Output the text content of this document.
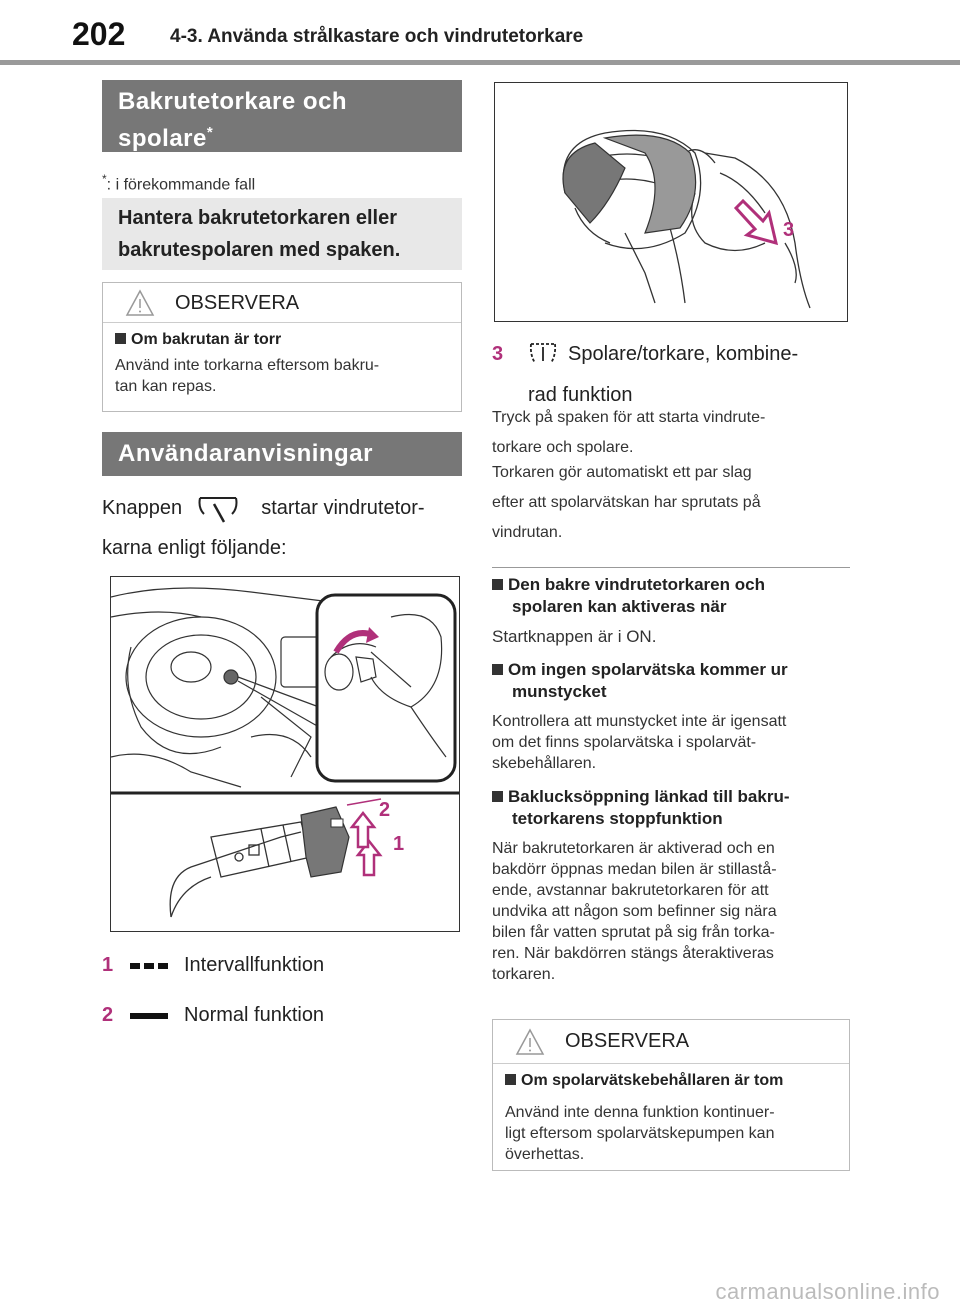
202 4-3. Använda strålkastare och vindrutetorkare
Bakrutetorkare och
spolare*
*: i förekommande fall
Hantera bakrutetorkaren eller
bakrutespolaren med spaken.
OBSERVERA
Om bakrutan är torr
Använd inte torkarna eftersom bakru-
tan kan repas.
Användaranvisningar
Knappen	startar vindrutetor-
karna enligt följande:
2
1
1	Intervallfunktion
2	Normal funktion
3
3	Spolare/torkare, kombine-
rad funktion
Tryck på spaken för att starta vindrute-
torkare och spolare.
Torkaren gör automatiskt ett par slag
efter att spolarvätskan har sprutats på
vindrutan.
Den bakre vindrutetorkaren och
spolaren kan aktiveras när
Startknappen är i ON.
Om ingen spolarvätska kommer ur
munstycket
Kontrollera att munstycket inte är igensatt
om det finns spolarvätska i spolarvät-
skebehållaren.
Baklucksöppning länkad till bakru-
tetorkarens stoppfunktion
När bakrutetorkaren är aktiverad och en
bakdörr öppnas medan bilen är stillastå-
ende, avstannar bakrutetorkaren för att
undvika att någon som befinner sig nära
bilen får vatten sprutat på sig från torka-
ren. När bakdörren stängs återaktiveras
torkaren.
OBSERVERA
Om spolarvätskebehållaren är tom
Använd inte denna funktion kontinuer-
ligt eftersom spolarvätskepumpen kan
överhettas.
carmanualsonline.info
